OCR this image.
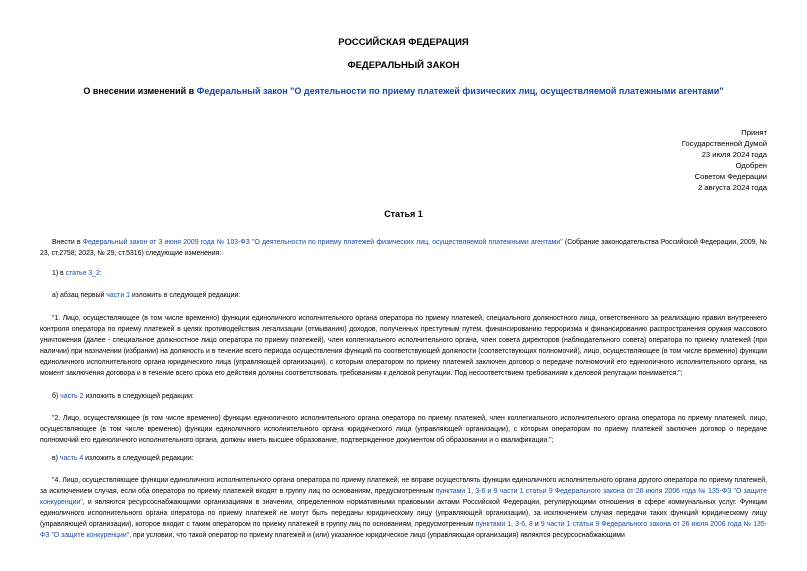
РОССИЙСКАЯ ФЕДЕРАЦИЯ
ФЕДЕРАЛЬНЫЙ ЗАКОН
О внесении изменений в Федеральный закон "О деятельности по приему платежей физических лиц, осуществляемой платежными агентами"
Принят
Государственной Думой
23 июля 2024 года
Одобрен
Советом Федерации
2 августа 2024 года
Статья 1
Внести в Федеральный закон от 3 июня 2009 года № 103-ФЗ "О деятельности по приему платежей физических лиц, осуществляемой платежными агентами" (Собрание законодательства Российской Федерации, 2009, № 23, ст.2758; 2023, № 29, ст.5316) следующие изменения:
1) в статье 3_2:
а) абзац первый части 1 изложить в следующей редакции:
"1. Лицо, осуществляющее (в том числе временно) функции единоличного исполнительного органа оператора по приему платежей, специального должностного лица, ответственного за реализацию правил внутреннего контроля оператора по приему платежей в целях противодействия легализации (отмыванию) доходов, полученных преступным путем, финансированию терроризма и финансированию распространения оружия массового уничтожения (далее - специальное должностное лицо оператора по приему платежей), член коллегиального исполнительного органа, член совета директоров (наблюдательного совета) оператора по приему платежей (при наличии) при назначении (избрании) на должность и в течение всего периода осуществления функций по соответствующей должности (соответствующих полномочий), лицо, осуществляющее (в том числе временно) функции единоличного исполнительного органа юридического лица (управляющей организации), с которым оператором по приему платежей заключен договор о передаче полномочий его единоличного исполнительного органа, на момент заключения договора и в течение всего срока его действия должны соответствовать требованиям к деловой репутации. Под несоответствием требованиям к деловой репутации понимается:";
б) часть 2 изложить в следующей редакции:
"2. Лицо, осуществляющее (в том числе временно) функции единоличного исполнительного органа оператора по приему платежей, член коллегиального исполнительного органа оператора по приему платежей, лицо, осуществляющее (в том числе временно) функции единоличного исполнительного органа юридического лица (управляющей организации), с которым оператором по приему платежей заключен договор о передаче полномочий его единоличного исполнительного органа, должны иметь высшее образование, подтвержденное документом об образовании и о квалификации.";
в) часть 4 изложить в следующей редакции:
"4. Лицо, осуществляющее функции единоличного исполнительного органа оператора по приему платежей, не вправе осуществлять функции единоличного исполнительного органа другого оператора по приему платежей, за исключением случая, если оба оператора по приему платежей входят в группу лиц по основаниям, предусмотренным пунктами 1, 3-6 и 9 части 1 статьи 9 Федерального закона от 26 июля 2006 года № 135-ФЗ "О защите конкуренции", и являются ресурсоснабжающими организациями в значении, определенном нормативными правовыми актами Российской Федерации, регулирующими отношения в сфере коммунальных услуг. Функции единоличного исполнительного органа оператора по приему платежей не могут быть переданы юридическому лицу (управляющей организации), за исключением случая передачи таких функций юридическому лицу (управляющей организации), которое входит с таким оператором по приему платежей в группу лиц по основаниям, предусмотренным пунктами 1, 3-6, 8 и 9 части 1 статьи 9 Федерального закона от 26 июля 2006 года № 135-ФЗ "О защите конкуренции", при условии, что такой оператор по приему платежей и (или) указанное юридическое лицо (управляющая организация) являются ресурсоснабжающими
